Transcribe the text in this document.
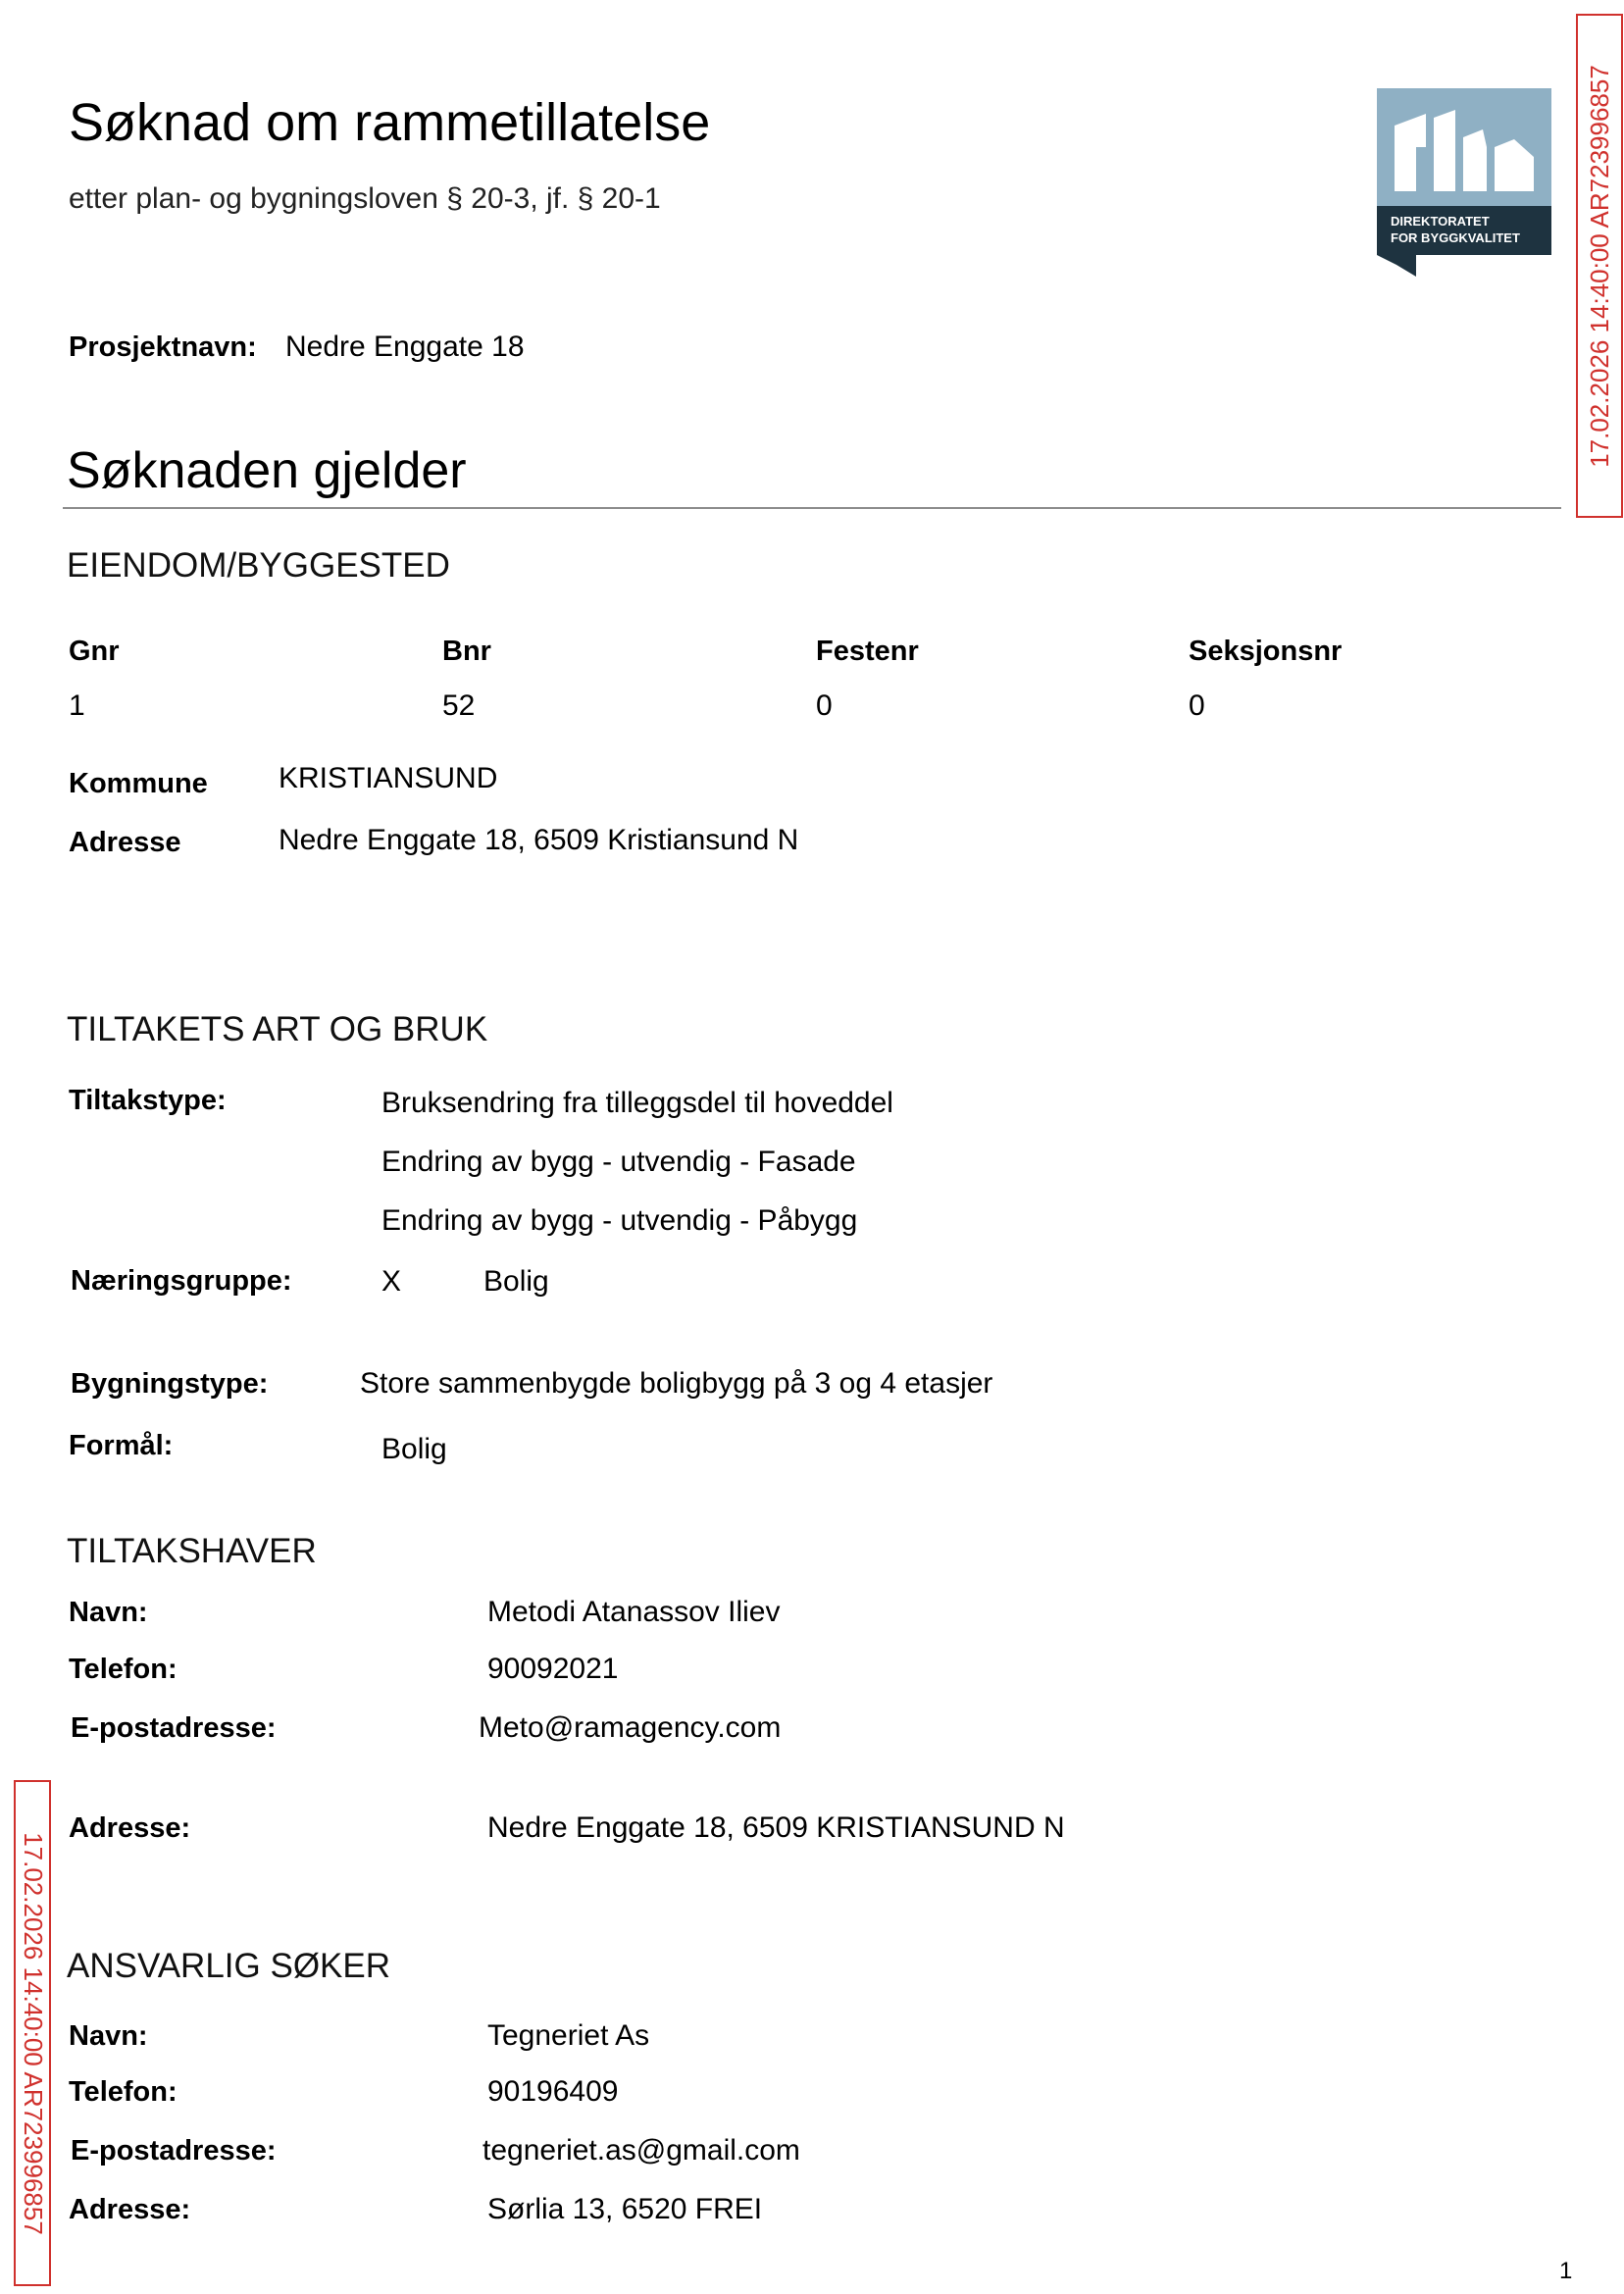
Søknad om rammetillatelse
etter plan- og bygningsloven § 20-3, jf. § 20-1
DIREKTORATET
FOR BYGGKVALITET	17.02.2026 14:40:00 AR723996857
17.02.2026 14:40:00 AR723996857
Prosjektnavn: Nedre Enggate 18
Søknaden gjelder
EIENDOM/BYGGESTED
Gnr	Bnr	Festenr	Seksjonsnr
1	52	0	0
Kommune KRISTIANSUND
Adresse	Nedre Enggate 18, 6509 Kristiansund N
TILTAKETS ART OG BRUK
Tiltakstype:	Bruksendring fra tilleggsdel til hoveddel
Endring av bygg - utvendig - Fasade
Endring av bygg - utvendig - Påbygg
Næringsgruppe:	X	Bolig
Bygningstype:	Store sammenbygde boligbygg på 3 og 4 etasjer
Formål:	Bolig
TILTAKSHAVER
Navn:	Metodi Atanassov Iliev
Telefon:	90092021
E-postadresse:	Meto@ramagency.com
Adresse:	Nedre Enggate 18, 6509 KRISTIANSUND N
ANSVARLIG SØKER
Navn:	Tegneriet As
Telefon:	90196409
E-postadresse:	tegneriet.as@gmail.com
Adresse:	Sørlia 13, 6520 FREI
1
